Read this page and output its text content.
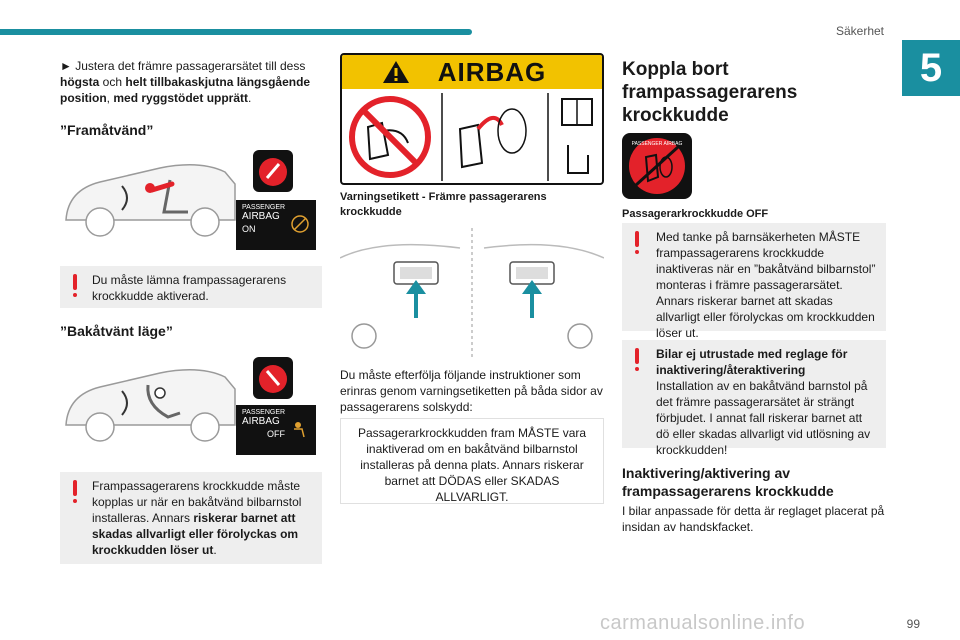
Säkerhet
5

► Justera det främre passagerarsätet till dess högsta och helt tillbakaskjutna längsgående position, med ryggstödet upprätt.

”Framåtvänd”
PASSENGER
AIRBAG
ON
Du måste lämna frampassagerarens krockkudde aktiverad.
”Bakåtvänt läge”
PASSENGER
AIRBAG
OFF
Frampassagerarens krockkudde måste kopplas ur när en bakåtvänd bilbarnstol installeras. Annars riskerar barnet att skadas allvarligt eller förolyckas om krockkudden löser ut.
AIRBAG

Varningsetikett - Främre passagerarens krockkudde

Du måste efterfölja följande instruktioner som erinras genom varningsetiketten på båda sidor av passagerarens solskydd:

Passagerarkrockkudden fram MÅSTE vara inaktiverad om en bakåtvänd bilbarnstol installeras på denna plats. Annars riskerar barnet att DÖDAS eller SKADAS ALLVARLIGT.
Koppla bort frampassagerarens krockkudde
PASSENGER AIRBAG

Passagerarkrockkudde OFF

Med tanke på barnsäkerheten MÅSTE frampassagerarens krockkudde inaktiveras när en ”bakåtvänd bilbarnstol” monteras i främre passagerarsätet. Annars riskerar barnet att skadas allvarligt eller förolyckas om krockkudden löser ut.
Bilar ej utrustade med reglage för inaktivering/återaktivering
Installation av en bakåtvänd barnstol på det främre passagerarsätet är strängt förbjudet. I annat fall riskerar barnet att dö eller skadas allvarligt vid utlösning av krockkudden!
Inaktivering/aktivering av frampassagerarens krockkudde

I bilar anpassade för detta är reglaget placerat på insidan av handskfacket.

carmanualsonline.info	99
